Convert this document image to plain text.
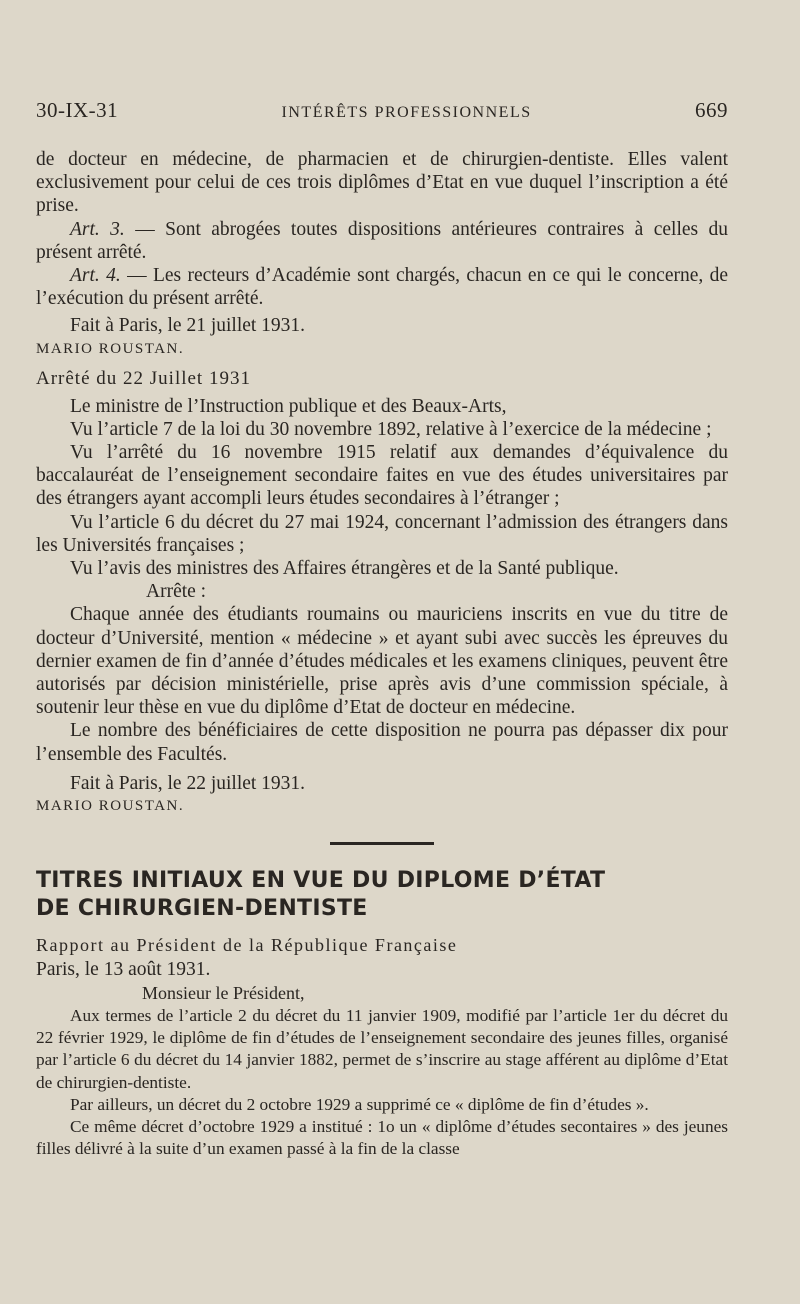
30-IX-31	INTÉRÊTS PROFESSIONNELS	669

de docteur en médecine, de pharmacien et de chirurgien-dentiste. Elles valent exclusivement pour celui de ces trois diplômes d’Etat en vue duquel l’inscription a été prise.

Art. 3. — Sont abrogées toutes dispositions antérieures contraires à celles du présent arrêté.

Art. 4. — Les recteurs d’Académie sont chargés, chacun en ce qui le concerne, de l’exécution du présent arrêté.

Fait à Paris, le 21 juillet 1931.

MARIO ROUSTAN.

Arrêté du 22 Juillet 1931

Le ministre de l’Instruction publique et des Beaux-Arts,

Vu l’article 7 de la loi du 30 novembre 1892, relative à l’exercice de la médecine ;

Vu l’arrêté du 16 novembre 1915 relatif aux demandes d’équivalence du baccalauréat de l’enseignement secondaire faites en vue des études universitaires par des étrangers ayant accompli leurs études secondaires à l’étranger ;

Vu l’article 6 du décret du 27 mai 1924, concernant l’admission des étrangers dans les Universités françaises ;

Vu l’avis des ministres des Affaires étrangères et de la Santé publique.

Arrête :

Chaque année des étudiants roumains ou mauriciens inscrits en vue du titre de docteur d’Université, mention « médecine » et ayant subi avec succès les épreuves du dernier examen de fin d’année d’études médicales et les examens cliniques, peuvent être autorisés par décision ministérielle, prise après avis d’une commission spéciale, à soutenir leur thèse en vue du diplôme d’Etat de docteur en médecine.

Le nombre des bénéficiaires de cette disposition ne pourra pas dépasser dix pour l’ensemble des Facultés.

Fait à Paris, le 22 juillet 1931.

MARIO ROUSTAN.

TITRES INITIAUX EN VUE DU DIPLOME D’ÉTAT
DE CHIRURGIEN-DENTISTE

Rapport au Président de la République Française

Paris, le 13 août 1931.

Monsieur le Président,

Aux termes de l’article 2 du décret du 11 janvier 1909, modifié par l’article 1er du décret du 22 février 1929, le diplôme de fin d’études de l’enseignement secondaire des jeunes filles, organisé par l’article 6 du décret du 14 janvier 1882, permet de s’inscrire au stage afférent au diplôme d’Etat de chirurgien-dentiste.

Par ailleurs, un décret du 2 octobre 1929 a supprimé ce « diplôme de fin d’études ».

Ce même décret d’octobre 1929 a institué : 1o un « diplôme d’études secontaires » des jeunes filles délivré à la suite d’un examen passé à la fin de la classe
